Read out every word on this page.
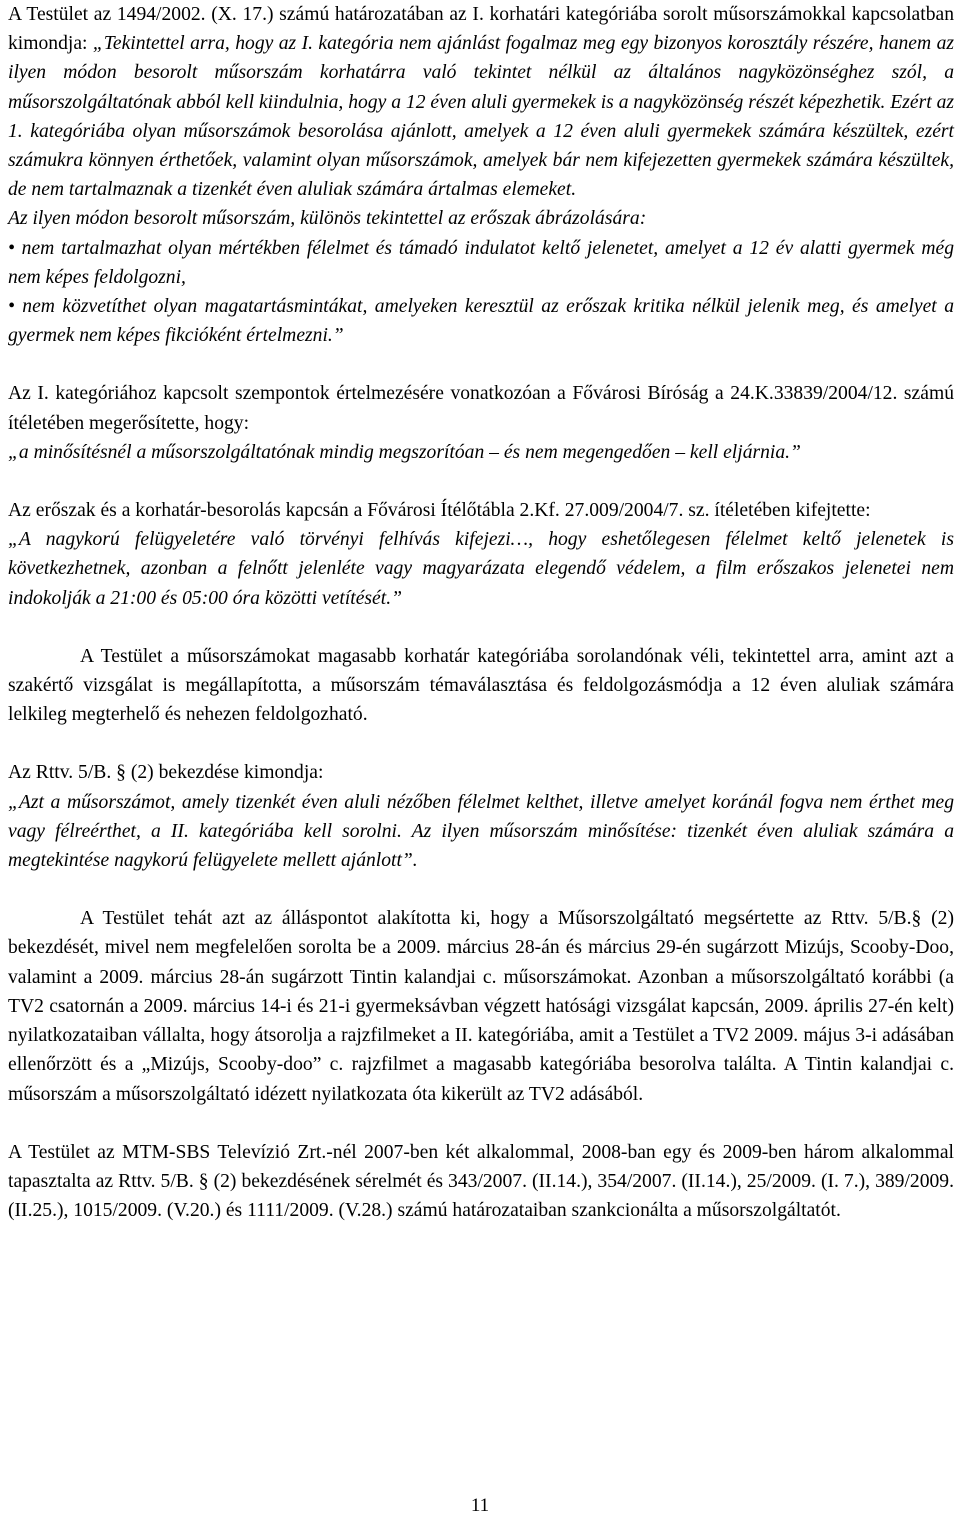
A Testület az 1494/2002. (X. 17.) számú határozatában az I. korhatári kategóriába sorolt műsorszámokkal kapcsolatban kimondja: „Tekintettel arra, hogy az I. kategória nem ajánlást fogalmaz meg egy bizonyos korosztály részére, hanem az ilyen módon besorolt műsorszám korhatárra való tekintet nélkül az általános nagyközönséghez szól, a műsorszolgáltatónak abból kell kiindulnia, hogy a 12 éven aluli gyermekek is a nagyközönség részét képezhetik. Ezért az 1. kategóriába olyan műsorszámok besorolása ajánlott, amelyek a 12 éven aluli gyermekek számára készültek, ezért számukra könnyen érthetőek, valamint olyan műsorszámok, amelyek bár nem kifejezetten gyermekek számára készültek, de nem tartalmaznak a tizenkét éven aluliak számára ártalmas elemeket.

Az ilyen módon besorolt műsorszám, különös tekintettel az erőszak ábrázolására:

• nem tartalmazhat olyan mértékben félelmet és támadó indulatot keltő jelenetet, amelyet a 12 év alatti gyermek még nem képes feldolgozni,

• nem közvetíthet olyan magatartásmintákat, amelyeken keresztül az erőszak kritika nélkül jelenik meg, és amelyet a gyermek nem képes fikcióként értelmezni.”

Az I. kategóriához kapcsolt szempontok értelmezésére vonatkozóan a Fővárosi Bíróság a 24.K.33839/2004/12. számú ítéletében megerősítette, hogy:

„a minősítésnél a műsorszolgáltatónak mindig megszorítóan – és nem megengedően – kell eljárnia.”

Az erőszak és a korhatár-besorolás kapcsán a Fővárosi Ítélőtábla 2.Kf. 27.009/2004/7. sz. ítéletében kifejtette:

„A nagykorú felügyeletére való törvényi felhívás kifejezi…, hogy eshetőlegesen félelmet keltő jelenetek is következhetnek, azonban a felnőtt jelenléte vagy magyarázata elegendő védelem, a film erőszakos jelenetei nem indokolják a 21:00 és 05:00 óra közötti vetítését.”

A Testület a műsorszámokat magasabb korhatár kategóriába sorolandónak véli, tekintettel arra, amint azt a szakértő vizsgálat is megállapította, a műsorszám témaválasztása és feldolgozásmódja a 12 éven aluliak számára lelkileg megterhelő és nehezen feldolgozható.

Az Rttv. 5/B. § (2) bekezdése kimondja:

„Azt a műsorszámot, amely tizenkét éven aluli nézőben félelmet kelthet, illetve amelyet koránál fogva nem érthet meg vagy félreérthet, a II. kategóriába kell sorolni. Az ilyen műsorszám minősítése: tizenkét éven aluliak számára a megtekintése nagykorú felügyelete mellett ajánlott”.

A Testület tehát azt az álláspontot alakította ki, hogy a Műsorszolgáltató megsértette az Rttv. 5/B.§ (2) bekezdését, mivel nem megfelelően sorolta be a 2009. március 28-án és március 29-én sugárzott Mizújs, Scooby-Doo, valamint a 2009. március 28-án sugárzott Tintin kalandjai c. műsorszámokat. Azonban a műsorszolgáltató korábbi (a TV2 csatornán a 2009. március 14-i és 21-i gyermeksávban végzett hatósági vizsgálat kapcsán, 2009. április 27-én kelt) nyilatkozataiban vállalta, hogy átsorolja a rajzfilmeket a II. kategóriába, amit a Testület a TV2 2009. május 3-i adásában ellenőrzött és a „Mizújs, Scooby-doo” c. rajzfilmet a magasabb kategóriába besorolva találta. A Tintin kalandjai c. műsorszám a műsorszolgáltató idézett nyilatkozata óta kikerült az TV2 adásából.

A Testület az MTM-SBS Televízió Zrt.-nél 2007-ben két alkalommal, 2008-ban egy és 2009-ben három alkalommal tapasztalta az Rttv. 5/B. § (2) bekezdésének sérelmét és 343/2007. (II.14.), 354/2007. (II.14.), 25/2009. (I. 7.), 389/2009. (II.25.), 1015/2009. (V.20.) és 1111/2009. (V.28.) számú határozataiban szankcionálta a műsorszolgáltatót.

11
